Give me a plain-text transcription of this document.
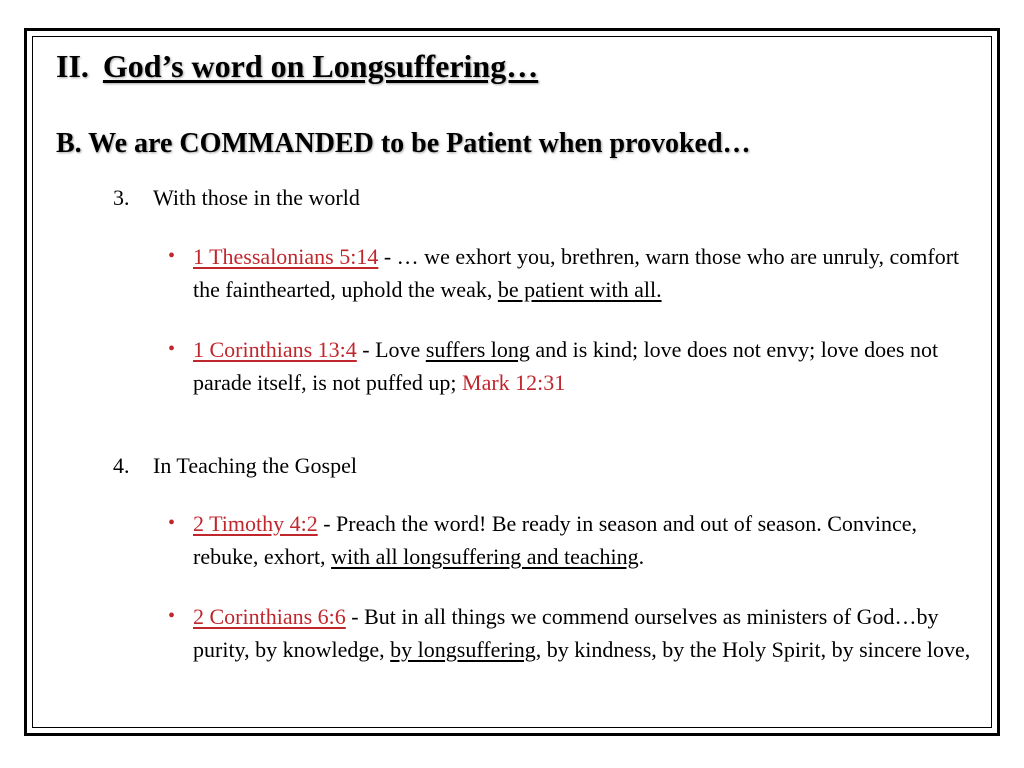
II. God’s word on Longsuffering…
B. We are COMMANDED to be Patient when provoked…
3. With those in the world
• 1 Thessalonians 5:14 - … we exhort you, brethren, warn those who are unruly, comfort the fainthearted, uphold the weak, be patient with all.
• 1 Corinthians 13:4 - Love suffers long and is kind; love does not envy; love does not parade itself, is not puffed up; Mark 12:31
4. In Teaching the Gospel
• 2 Timothy 4:2 - Preach the word! Be ready in season and out of season. Convince, rebuke, exhort, with all longsuffering and teaching.
• 2 Corinthians 6:6 - But in all things we commend ourselves as ministers of God…by purity, by knowledge, by longsuffering, by kindness, by the Holy Spirit, by sincere love,
